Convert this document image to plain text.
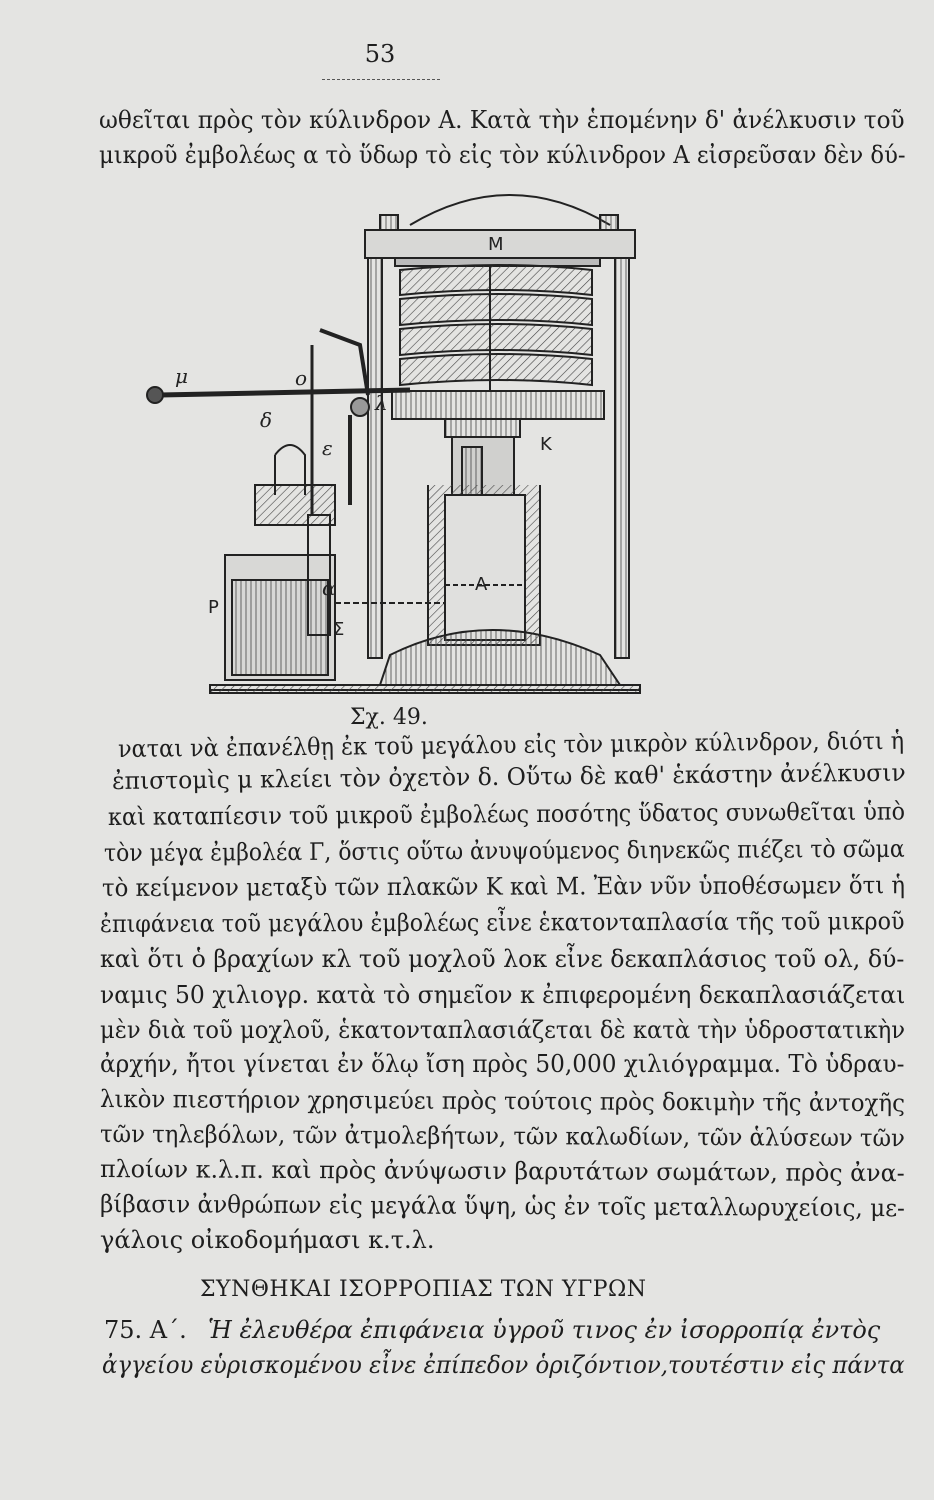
53
ωθεῖται πρὸς τὸν κύλινδρον Α. Κατὰ τὴν ἑπομένην δ' ἀνέλκυσιν τοῦ
μικροῦ ἐμβολέως α τὸ ὕδωρ τὸ εἰς τὸν κύλινδρον Α εἰσρεῦσαν δὲν δύ-
M
K
A
P
α
Σ
μ	ο
δ
ε
λ
Σχ. 49.
ναται νὰ ἐπανέλθῃ ἐκ τοῦ μεγάλου εἰς τὸν μικρὸν κύλινδρον, διότι ἡ
ἐπιστομὶς μ κλείει τὸν ὀχετὸν δ. Οὕτω δὲ καθ' ἑκάστην ἀνέλκυσιν
καὶ καταπίεσιν τοῦ μικροῦ ἐμβολέως ποσότης ὕδατος συνωθεῖται ὑπὸ
τὸν μέγα ἐμβολέα Γ, ὅστις οὕτω ἀνυψούμενος διηνεκῶς πιέζει τὸ σῶμα
τὸ κείμενον μεταξὺ τῶν πλακῶν Κ καὶ Μ. Ἐὰν νῦν ὑποθέσωμεν ὅτι ἡ
ἐπιφάνεια τοῦ μεγάλου ἐμβολέως εἶνε ἑκατονταπλασία τῆς τοῦ μικροῦ
καὶ ὅτι ὁ βραχίων κλ τοῦ μοχλοῦ λοκ εἶνε δεκαπλάσιος τοῦ ολ, δύ-
ναμις 50 χιλιογρ. κατὰ τὸ σημεῖον κ ἐπιφερομένη δεκαπλασιάζεται
μὲν διὰ τοῦ μοχλοῦ, ἑκατονταπλασιάζεται δὲ κατὰ τὴν ὑδροστατικὴν
ἀρχήν, ἤτοι γίνεται ἐν ὅλῳ ἴση πρὸς 50,000 χιλιόγραμμα. Τὸ ὑδραυ-
λικὸν πιεστήριον χρησιμεύει πρὸς τούτοις πρὸς δοκιμὴν τῆς ἀντοχῆς
τῶν τηλεβόλων, τῶν ἀτμολεβήτων, τῶν καλωδίων, τῶν ἁλύσεων τῶν
πλοίων κ.λ.π. καὶ πρὸς ἀνύψωσιν βαρυτάτων σωμάτων, πρὸς ἀνα-
βίβασιν ἀνθρώπων εἰς μεγάλα ὕψη, ὡς ἐν τοῖς μεταλλωρυχείοις, με-
γάλοις οἰκοδομήμασι κ.τ.λ.
ΣΥΝΘΗΚΑΙ ΙΣΟΡΡΟΠΙΑΣ ΤΩΝ ΥΓΡΩΝ
75. Α΄. Ἡ ἐλευθέρα ἐπιφάνεια ὑγροῦ τινος ἐν ἰσορροπίᾳ ἐντὸς
ἀγγείου εὑρισκομένου εἶνε ἐπίπεδον ὁριζόντιον,τουτέστιν εἰς πάντα
